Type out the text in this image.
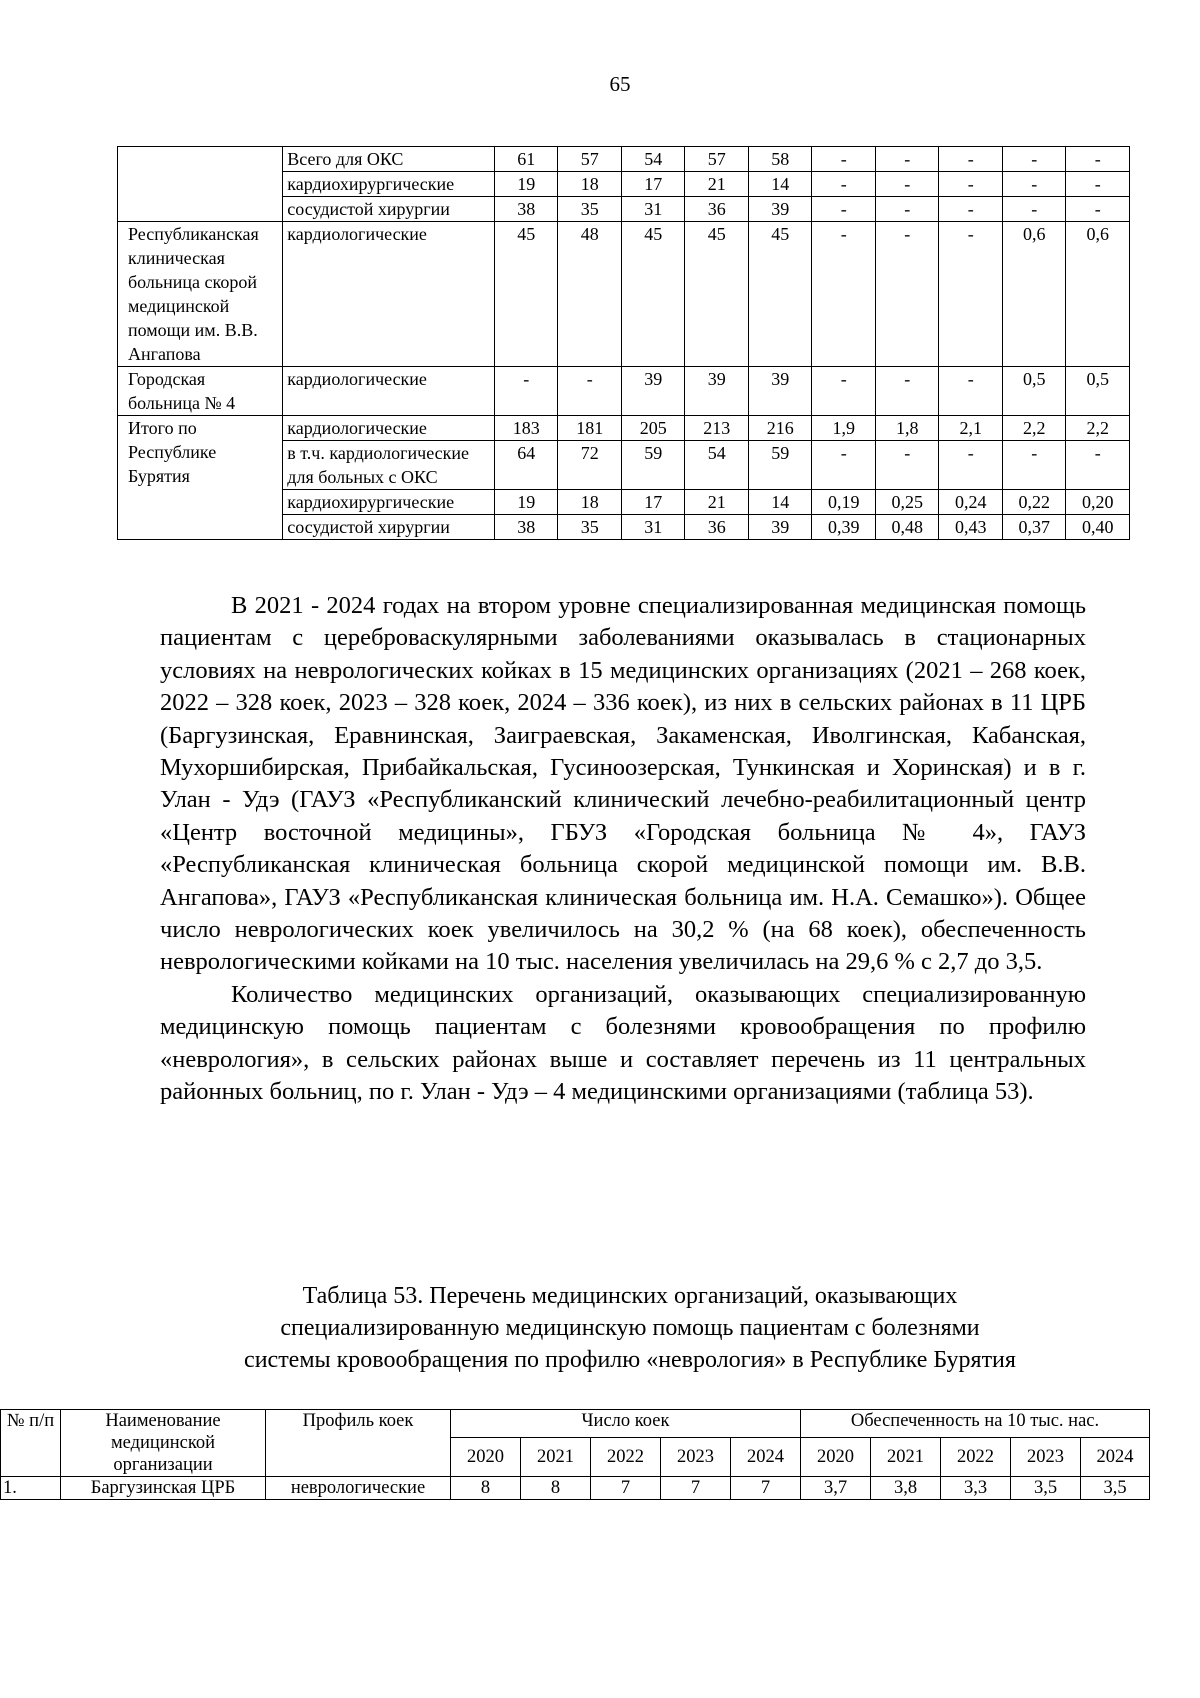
65
	Всего для ОКС	61	57	54	57	58	-	-	-	-	-
	кардиохирургические	19	18	17	21	14	-	-	-	-	-
	сосудистой хирургии	38	35	31	36	39	-	-	-	-	-
Республиканская клиническая больница скорой медицинской помощи им. В.В. Ангапова	кардиологические	45	48	45	45	45	-	-	-	0,6	0,6
Городская больница № 4	кардиологические	-	-	39	39	39	-	-	-	0,5	0,5
Итого по Республике Бурятия	кардиологические	183	181	205	213	216	1,9	1,8	2,1	2,2	2,2
	в т.ч. кардиологические для больных с ОКС	64	72	59	54	59	-	-	-	-	-
	кардиохирургические	19	18	17	21	14	0,19	0,25	0,24	0,22	0,20
	сосудистой хирургии	38	35	31	36	39	0,39	0,48	0,43	0,37	0,40

В 2021 - 2024 годах на втором уровне специализированная медицинская помощь пациентам с цереброваскулярными заболеваниями оказывалась в стационарных условиях на неврологических койках в 15 медицинских организациях (2021 – 268 коек, 2022 – 328 коек, 2023 – 328 коек, 2024 – 336 коек), из них в сельских районах в 11 ЦРБ (Баргузинская, Еравнинская, Заиграевская, Закаменская, Иволгинская, Кабанская, Мухоршибирская, Прибайкальская, Гусиноозерская, Тункинская и Хоринская) и в г. Улан - Удэ (ГАУЗ «Республиканский клинический лечебно-реабилитационный центр «Центр восточной медицины», ГБУЗ «Городская больница № 4», ГАУЗ «Республиканская клиническая больница скорой медицинской помощи им. В.В. Ангапова», ГАУЗ «Республиканская клиническая больница им. Н.А. Семашко»). Общее число неврологических коек увеличилось на 30,2 % (на 68 коек), обеспеченность неврологическими койками на 10 тыс. населения увеличилась на 29,6 % с 2,7 до 3,5.

Количество медицинских организаций, оказывающих специализированную медицинскую помощь пациентам с болезнями кровообращения по профилю «неврология», в сельских районах выше и составляет перечень из 11 центральных районных больниц, по г. Улан - Удэ – 4 медицинскими организациями (таблица 53).

Таблица 53. Перечень медицинских организаций, оказывающих
специализированную медицинскую помощь пациентам с болезнями
системы кровообращения по профилю «неврология» в Республике Бурятия
№ п/п	Наименование медицинской организации	Профиль коек	Число коек					Обеспеченность на 10 тыс. нас.				
			2020	2021	2022	2023	2024	2020	2021	2022	2023	2024
1.	Баргузинская ЦРБ	неврологические	8	8	7	7	7	3,7	3,8	3,3	3,5	3,5
